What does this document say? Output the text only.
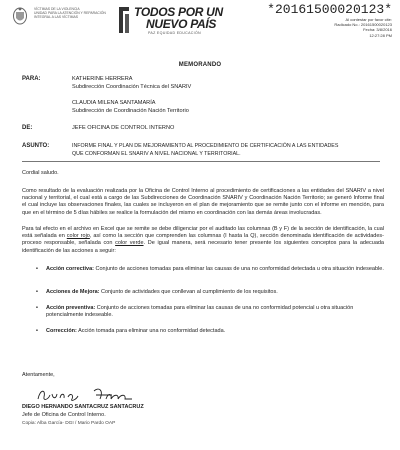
VÍCTIMAS DE LA VIOLENCIA
UNIDAD PARA LA ATENCIÓN Y REPARACIÓN
INTEGRAL A LAS VÍCTIMAS	TODOS POR UN
NUEVO PAÍS
PAZ EQUIDAD EDUCACIÓN
*20161500020123*
Al contestar por favor cite:
Radicado No.: 20161500020123
Fecha: 3/8/2016
12:27:28 PM
MEMORANDO
PARA:	KATHERINE HERRERA
Subdirección Coordinación Técnica del SNARIV
CLAUDIA MILENA SANTAMARÍA
Subdirección de Coordinación Nación Territorio
DE:	JEFE OFICINA DE CONTROL INTERNO
ASUNTO:	INFORME FINAL Y PLAN DE MEJORAMIENTO AL PROCEDIMIENTO DE CERTIFICACIÓN A LAS ENTIDADES
QUE CONFORMAN EL SNARIV A NIVEL NACIONAL Y TERRITORIAL.
Cordial saludo.
Como resultado de la evaluación realizada por la Oficina de Control Interno al procedimiento de certificaciones a las entidades del SNARIV a nivel nacional y territorial, el cual está a cargo de las Subdirecciones de Coordinación SNARIV y Coordinación Nación Territorio; se generó Informe final el cual incluye las observaciones finales, las cuales se incluyeron en el plan de mejoramiento que se remite junto con el informe en mención, para que en el término de 5 días hábiles se realice la formulación del mismo en coordinación con las demás áreas involucradas.
Para tal efecto en el archivo en Excel que se remite se debe diligenciar por el auditado las columnas (B y F) de la sección de identificación, la cual está señalada en color rojo, así como la sección que comprenden las columnas (I hasta la Q), sección denominada identificación de actividades- proceso responsable, señalada con color verde. De igual manera, será necesario tener presente los siguientes conceptos para la adecuada identificación de las acciones a seguir:
• Acción correctiva: Conjunto de acciones tomadas para eliminar las causas de una no conformidad detectada u otra situación indeseable.
• Acciones de Mejora: Conjunto de actividades que conllevan al cumplimiento de los requisitos.
• Acción preventiva: Conjunto de acciones tomadas para eliminar las causas de una no conformidad potencial u otra situación potencialmente indeseable.
• Corrección: Acción tomada para eliminar una no conformidad detectada.
Atentamente,
DIEGO HERNANDO SANTACRUZ SANTACRUZ
Jefe de Oficina de Control Interno.
Copia: Alba García- DGI / Mario Pardo OAP
